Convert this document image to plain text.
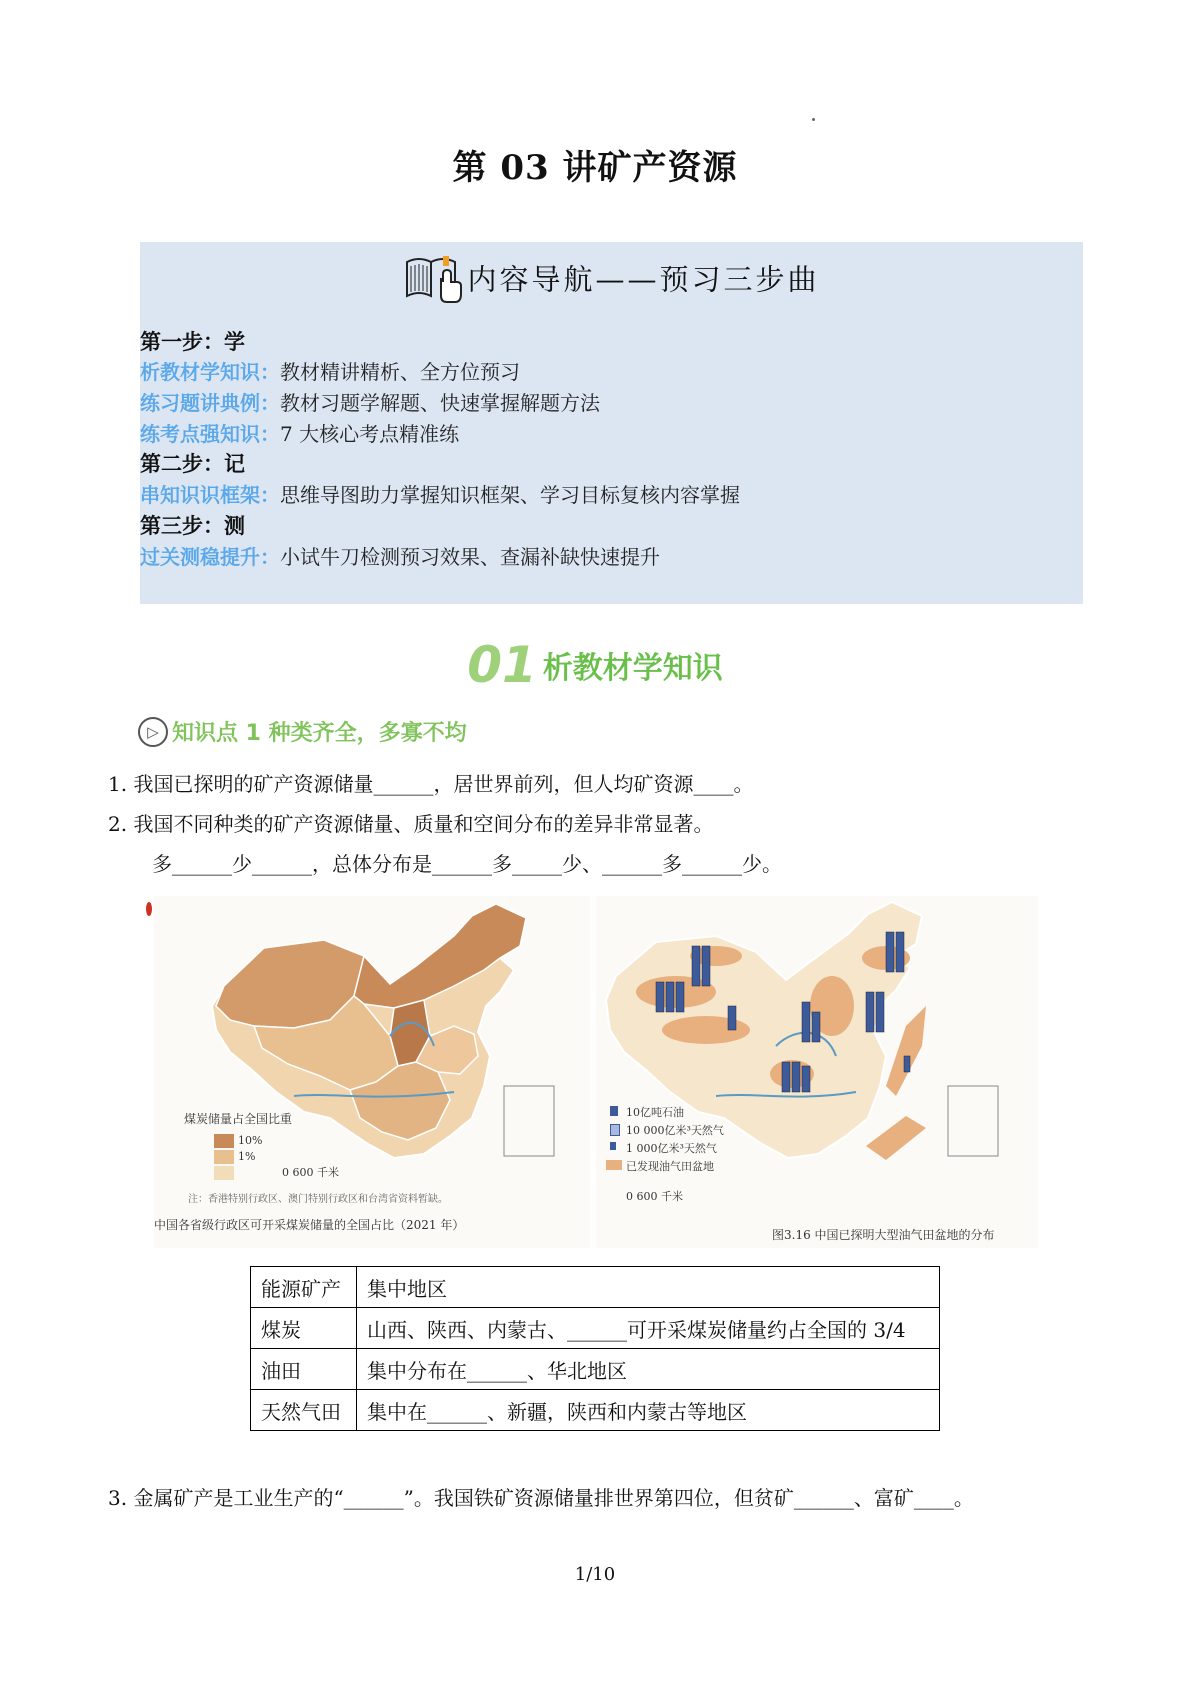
第 03 讲矿产资源
内容导航——预习三步曲
第一步：学
析教材学知识：教材精讲精析、全方位预习
练习题讲典例：教材习题学解题、快速掌握解题方法
练考点强知识：7 大核心考点精准练
第二步：记
串知识识框架：思维导图助力掌握知识框架、学习目标复核内容掌握
第三步：测
过关测稳提升：小试牛刀检测预习效果、查漏补缺快速提升
01 析教材学知识
▷ 知识点 1 种类齐全，多寡不均
1. 我国已探明的矿产资源储量______，居世界前列，但人均矿资源____。
2. 我国不同种类的矿产资源储量、质量和空间分布的差异非常显著。
多______少______，总体分布是______多_____少、______多______少。
煤炭储量占全国比重
10%
1%
0 600 千米
注：香港特别行政区、澳门特别行政区和台湾省资料暂缺。
中国各省级行政区可开采煤炭储量的全国占比（2021 年）
10亿吨石油
10 000亿米³天然气
1 000亿米³天然气
已发现油气田盆地
0 600 千米
图3.16 中国已探明大型油气田盆地的分布
能源矿产	集中地区
煤炭	山西、陕西、内蒙古、______可开采煤炭储量约占全国的 3/4
油田	集中分布在______、华北地区
天然气田	集中在______、新疆，陕西和内蒙古等地区
3. 金属矿产是工业生产的“______”。我国铁矿资源储量排世界第四位，但贫矿______、富矿____。
1/10
